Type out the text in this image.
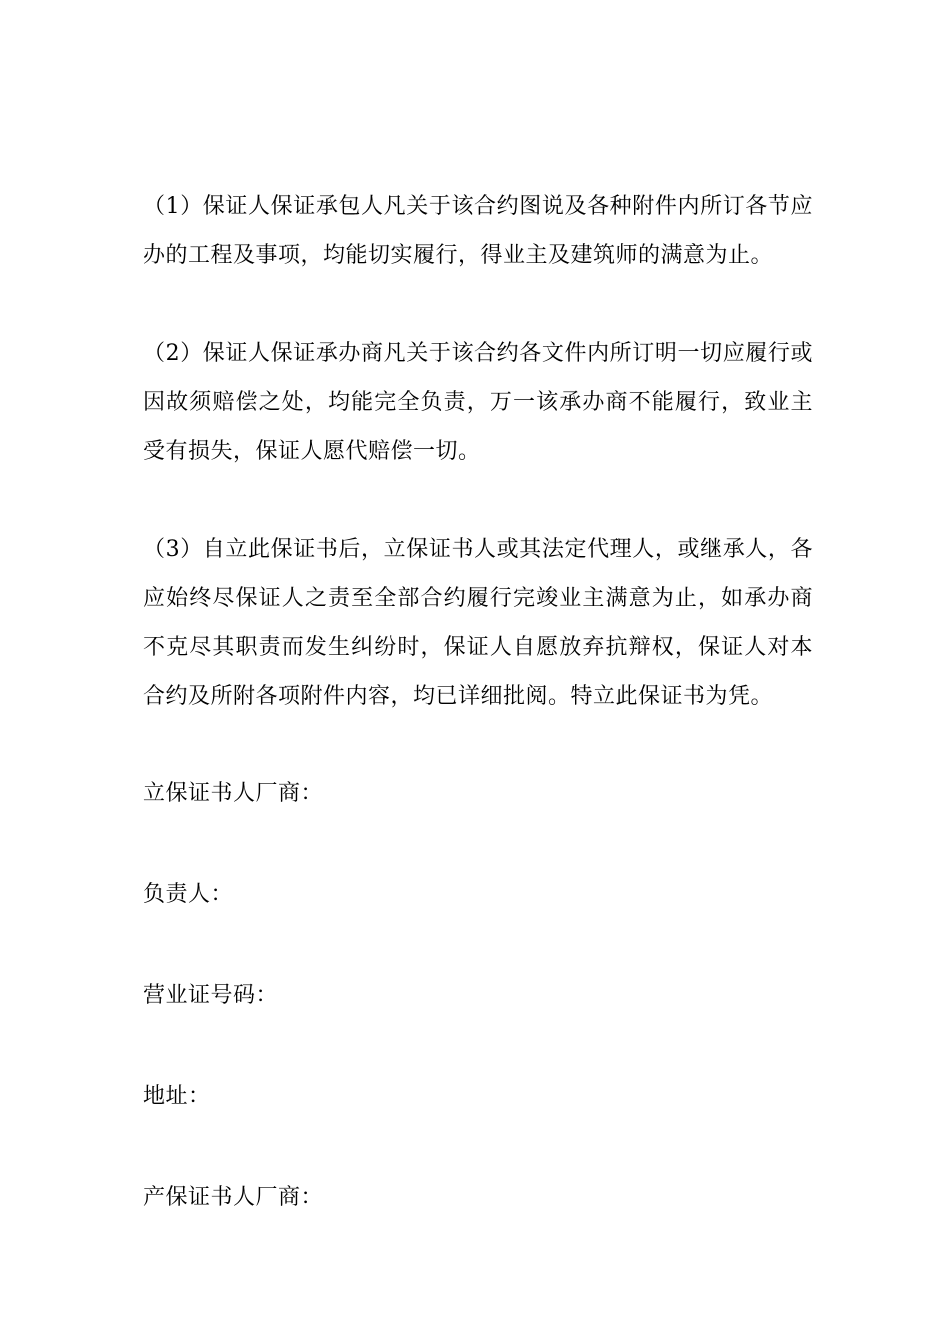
（1）保证人保证承包人凡关于该合约图说及各种附件内所订各节应办的工程及事项，均能切实履行，得业主及建筑师的满意为止。

（2）保证人保证承办商凡关于该合约各文件内所订明一切应履行或因故须赔偿之处，均能完全负责，万一该承办商不能履行，致业主受有损失，保证人愿代赔偿一切。

（3）自立此保证书后，立保证书人或其法定代理人，或继承人，各应始终尽保证人之责至全部合约履行完竣业主满意为止，如承办商不克尽其职责而发生纠纷时，保证人自愿放弃抗辩权，保证人对本合约及所附各项附件内容，均已详细批阅。特立此保证书为凭。

立保证书人厂商：

负责人：

营业证号码：

地址：

产保证书人厂商：
